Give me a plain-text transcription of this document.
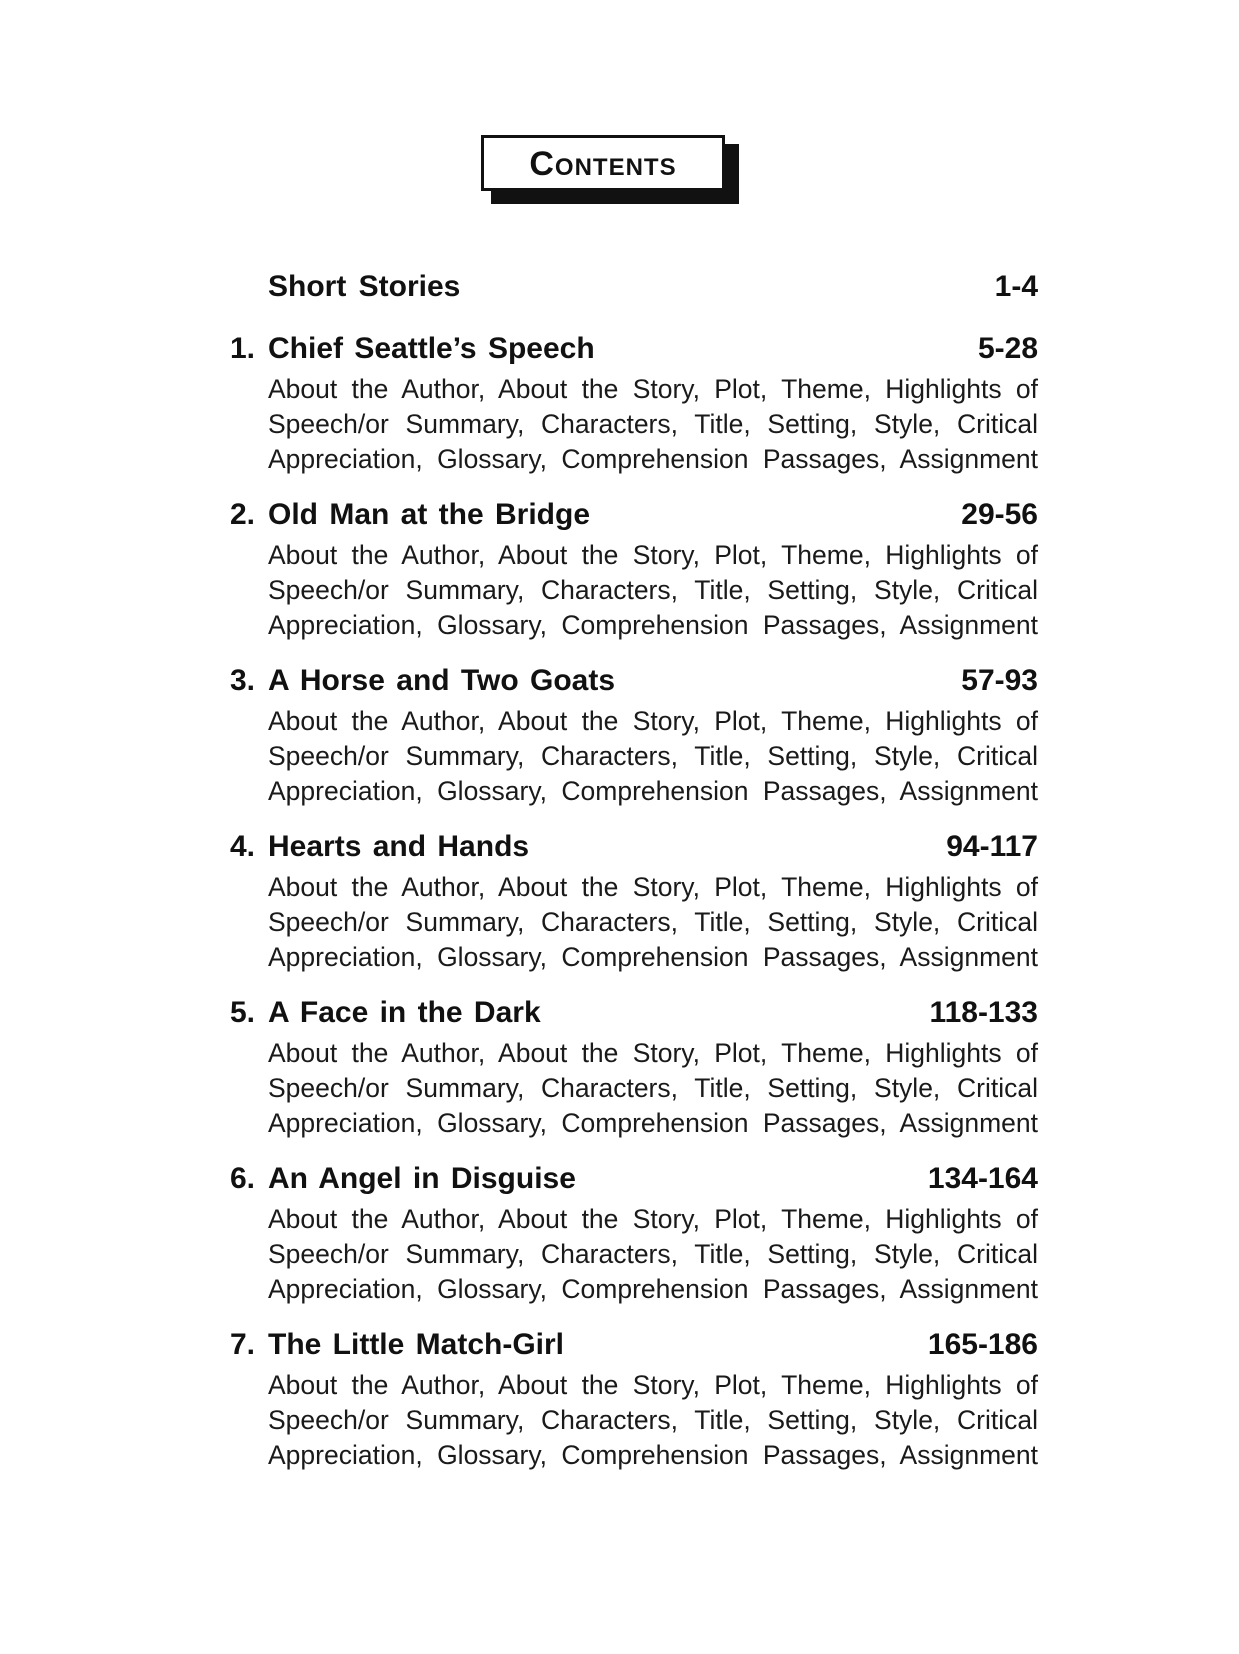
Contents
Short Stories	1-4
1. Chief Seattle’s Speech	5-28
About the Author, About the Story, Plot, Theme, Highlights of
Speech/or Summary, Characters, Title, Setting, Style, Critical
Appreciation, Glossary, Comprehension Passages, Assignment
2. Old Man at the Bridge	29-56
About the Author, About the Story, Plot, Theme, Highlights of
Speech/or Summary, Characters, Title, Setting, Style, Critical
Appreciation, Glossary, Comprehension Passages, Assignment
3. A Horse and Two Goats	57-93
About the Author, About the Story, Plot, Theme, Highlights of
Speech/or Summary, Characters, Title, Setting, Style, Critical
Appreciation, Glossary, Comprehension Passages, Assignment
4. Hearts and Hands	94-117
About the Author, About the Story, Plot, Theme, Highlights of
Speech/or Summary, Characters, Title, Setting, Style, Critical
Appreciation, Glossary, Comprehension Passages, Assignment
5. A Face in the Dark	118-133
About the Author, About the Story, Plot, Theme, Highlights of
Speech/or Summary, Characters, Title, Setting, Style, Critical
Appreciation, Glossary, Comprehension Passages, Assignment
6. An Angel in Disguise	134-164
About the Author, About the Story, Plot, Theme, Highlights of
Speech/or Summary, Characters, Title, Setting, Style, Critical
Appreciation, Glossary, Comprehension Passages, Assignment
7. The Little Match-Girl	165-186
About the Author, About the Story, Plot, Theme, Highlights of
Speech/or Summary, Characters, Title, Setting, Style, Critical
Appreciation, Glossary, Comprehension Passages, Assignment
